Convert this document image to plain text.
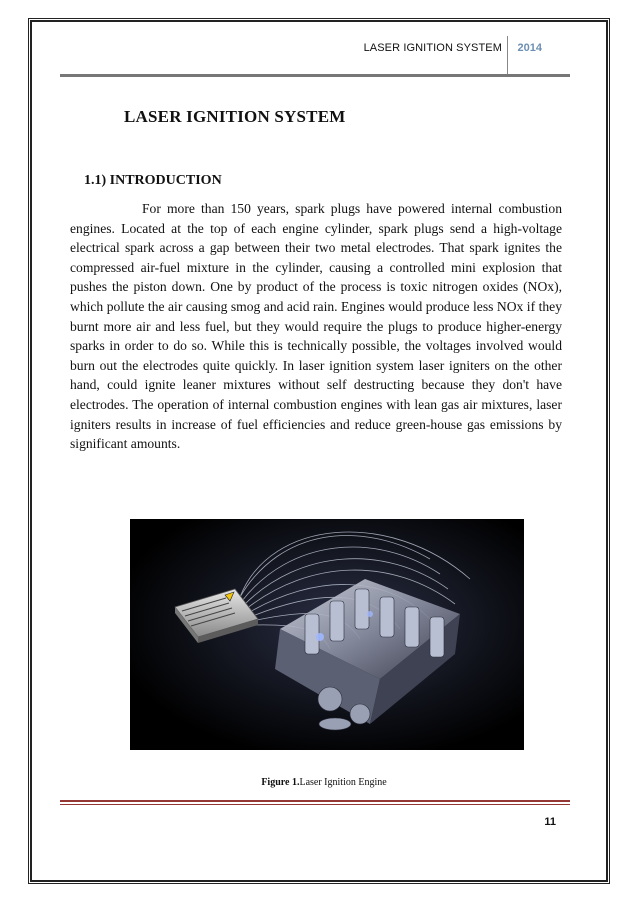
LASER IGNITION SYSTEM 2014
LASER IGNITION SYSTEM
1.1) INTRODUCTION

For more than 150 years, spark plugs have powered internal combustion engines. Located at the top of each engine cylinder, spark plugs send a high-voltage electrical spark across a gap between their two metal electrodes. That spark ignites the compressed air-fuel mixture in the cylinder, causing a controlled mini explosion that pushes the piston down. One by product of the process is toxic nitrogen oxides (NOx), which pollute the air causing smog and acid rain. Engines would produce less NOx if they burnt more air and less fuel, but they would require the plugs to produce higher-energy sparks in order to do so. While this is technically possible, the voltages involved would burn out the electrodes quite quickly. In laser ignition system laser igniters on the other hand, could ignite leaner mixtures without self destructing because they don't have electrodes. The operation of internal combustion engines with lean gas air mixtures, laser igniters results in increase of fuel efficiencies and reduce green-house gas emissions by significant amounts.

Figure 1.Laser Ignition Engine
11
